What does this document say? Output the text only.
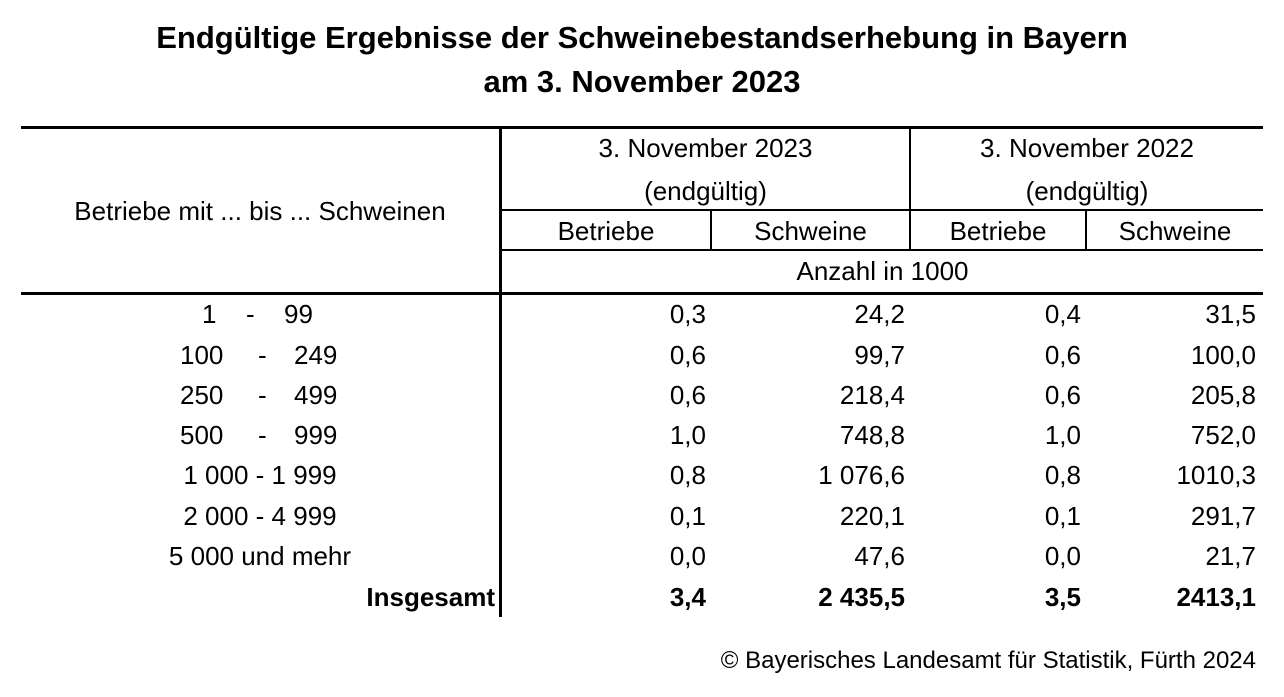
Endgültige Ergebnisse der Schweinebestandserhebung in Bayern
am 3. November 2023
Betriebe mit ... bis ... Schweinen
3. November 2023
(endgültig)
3. November 2022
(endgültig)
Betriebe	Schweine	Betriebe	Schweine
Anzahl in 1000
1 - 99	0,3	24,2	0,4	31,5
100 - 249	0,6	99,7	0,6	100,0
250 - 499	0,6	218,4	0,6	205,8
500 - 999	1,0	748,8	1,0	752,0
1 000 - 1 999	0,8	1 076,6	0,8	1010,3
2 000 - 4 999	0,1	220,1	0,1	291,7
5 000 und mehr	0,0	47,6	0,0	21,7
Insgesamt	3,4	2 435,5	3,5	2413,1
© Bayerisches Landesamt für Statistik, Fürth 2024
